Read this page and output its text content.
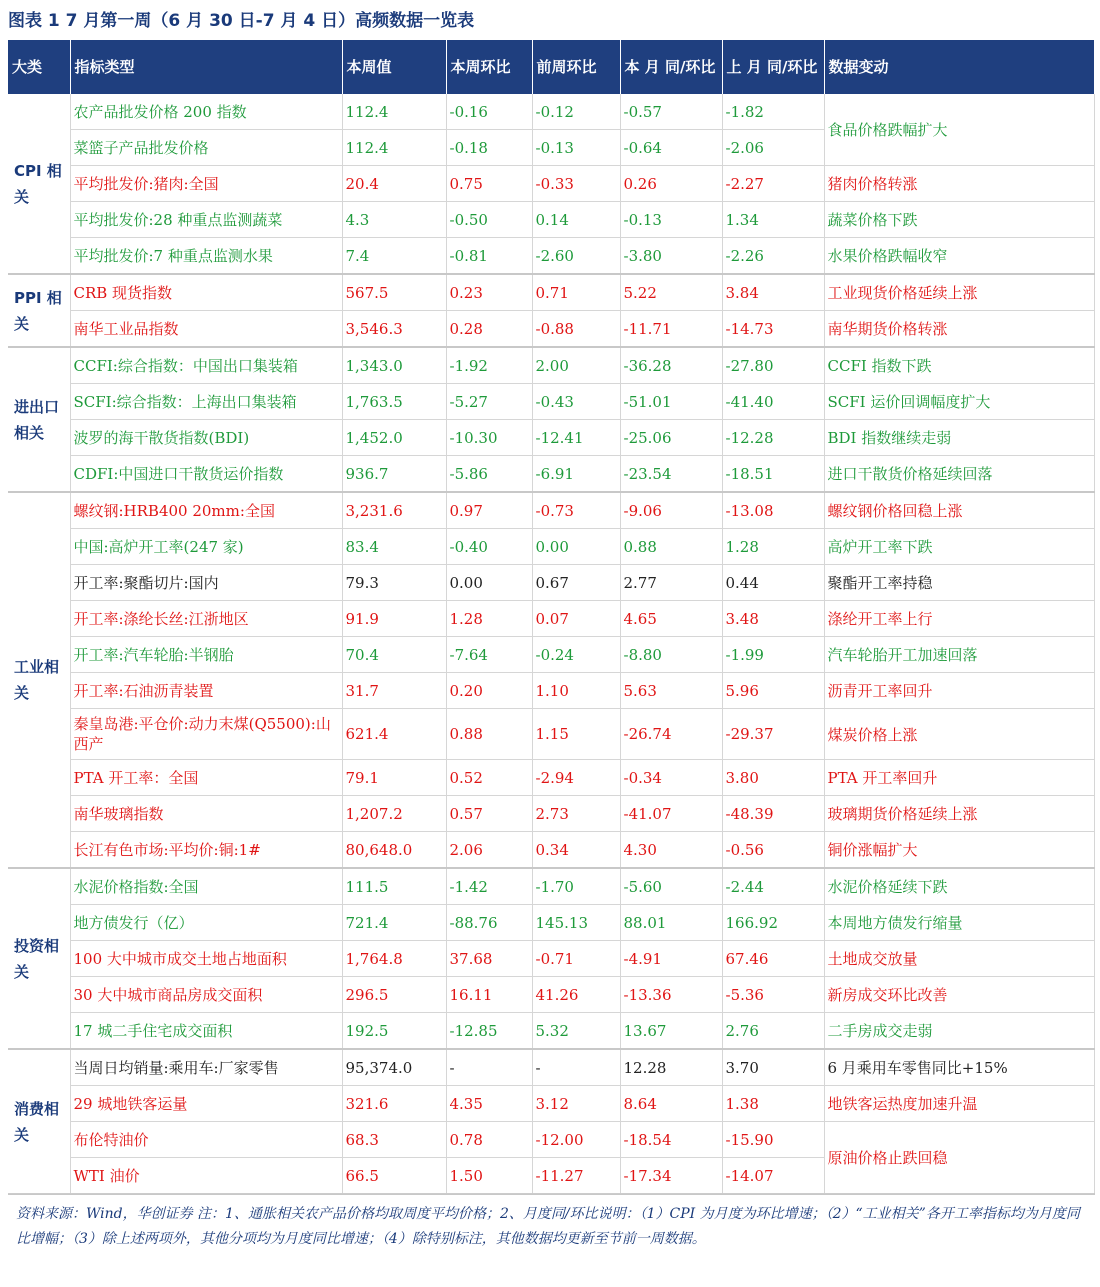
图表 1 7 月第一周（6 月 30 日-7 月 4 日）高频数据一览表
大类	指标类型	本周值	本周环比	前周环比	本 月 同/环比	上 月 同/环比	数据变动
CPI 相关	农产品批发价格 200 指数	112.4	-0.16	-0.12	-0.57	-1.82	食品价格跌幅扩大
	菜篮子产品批发价格	112.4	-0.18	-0.13	-0.64	-2.06	
	平均批发价:猪肉:全国	20.4	0.75	-0.33	0.26	-2.27	猪肉价格转涨
	平均批发价:28 种重点监测蔬菜	4.3	-0.50	0.14	-0.13	1.34	蔬菜价格下跌
	平均批发价:7 种重点监测水果	7.4	-0.81	-2.60	-3.80	-2.26	水果价格跌幅收窄
PPI 相关	CRB 现货指数	567.5	0.23	0.71	5.22	3.84	工业现货价格延续上涨
	南华工业品指数	3,546.3	0.28	-0.88	-11.71	-14.73	南华期货价格转涨
进出口相关	CCFI:综合指数：中国出口集装箱	1,343.0	-1.92	2.00	-36.28	-27.80	CCFI 指数下跌
	SCFI:综合指数：上海出口集装箱	1,763.5	-5.27	-0.43	-51.01	-41.40	SCFI 运价回调幅度扩大
	波罗的海干散货指数(BDI)	1,452.0	-10.30	-12.41	-25.06	-12.28	BDI 指数继续走弱
	CDFI:中国进口干散货运价指数	936.7	-5.86	-6.91	-23.54	-18.51	进口干散货价格延续回落
工业相关	螺纹钢:HRB400 20mm:全国	3,231.6	0.97	-0.73	-9.06	-13.08	螺纹钢价格回稳上涨
	中国:高炉开工率(247 家)	83.4	-0.40	0.00	0.88	1.28	高炉开工率下跌
	开工率:聚酯切片:国内	79.3	0.00	0.67	2.77	0.44	聚酯开工率持稳
	开工率:涤纶长丝:江浙地区	91.9	1.28	0.07	4.65	3.48	涤纶开工率上行
	开工率:汽车轮胎:半钢胎	70.4	-7.64	-0.24	-8.80	-1.99	汽车轮胎开工加速回落
	开工率:石油沥青装置	31.7	0.20	1.10	5.63	5.96	沥青开工率回升
	秦皇岛港:平仓价:动力末煤(Q5500):山西产	621.4	0.88	1.15	-26.74	-29.37	煤炭价格上涨
	PTA 开工率：全国	79.1	0.52	-2.94	-0.34	3.80	PTA 开工率回升
	南华玻璃指数	1,207.2	0.57	2.73	-41.07	-48.39	玻璃期货价格延续上涨
	长江有色市场:平均价:铜:1#	80,648.0	2.06	0.34	4.30	-0.56	铜价涨幅扩大
投资相关	水泥价格指数:全国	111.5	-1.42	-1.70	-5.60	-2.44	水泥价格延续下跌
	地方债发行（亿）	721.4	-88.76	145.13	88.01	166.92	本周地方债发行缩量
	100 大中城市成交土地占地面积	1,764.8	37.68	-0.71	-4.91	67.46	土地成交放量
	30 大中城市商品房成交面积	296.5	16.11	41.26	-13.36	-5.36	新房成交环比改善
	17 城二手住宅成交面积	192.5	-12.85	5.32	13.67	2.76	二手房成交走弱
消费相关	当周日均销量:乘用车:厂家零售	95,374.0	-	-	12.28	3.70	6 月乘用车零售同比+15%
	29 城地铁客运量	321.6	4.35	3.12	8.64	1.38	地铁客运热度加速升温
	布伦特油价	68.3	0.78	-12.00	-18.54	-15.90	原油价格止跌回稳
	WTI 油价	66.5	1.50	-11.27	-17.34	-14.07	
资料来源：Wind，华创证券 注：1、通胀相关农产品价格均取周度平均价格；2、月度同/环比说明：（1）CPI 为月度为环比增速；（2）“工业相关”各开工率指标均为月度同比增幅；（3）除上述两项外，其他分项均为月度同比增速；（4）除特别标注，其他数据均更新至节前一周数据。
